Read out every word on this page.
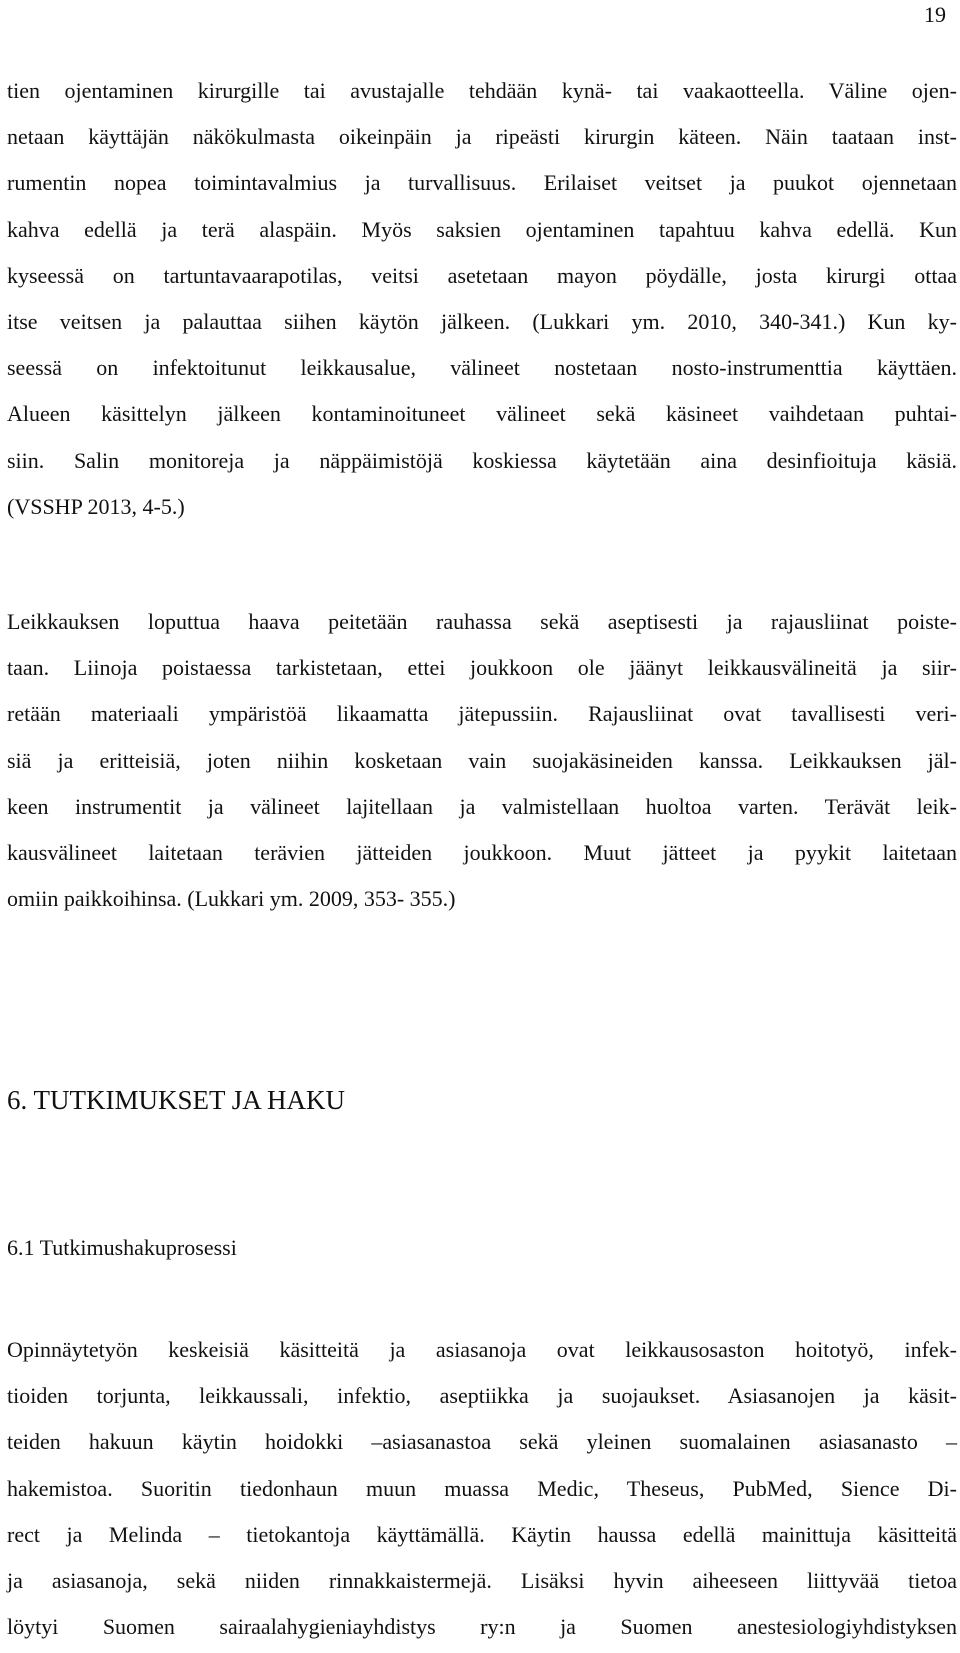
19
tien ojentaminen kirurgille tai avustajalle tehdään kynä- tai vaakaotteella. Väline ojen-
netaan käyttäjän näkökulmasta oikeinpäin ja ripeästi kirurgin käteen. Näin taataan inst-
rumentin nopea toimintavalmius ja turvallisuus. Erilaiset veitset ja puukot ojennetaan
kahva edellä ja terä alaspäin. Myös saksien ojentaminen tapahtuu kahva edellä. Kun
kyseessä on tartuntavaarapotilas, veitsi asetetaan mayon pöydälle, josta kirurgi ottaa
itse veitsen ja palauttaa siihen käytön jälkeen. (Lukkari ym. 2010, 340-341.) Kun ky-
seessä on infektoitunut leikkausalue, välineet nostetaan nosto-instrumenttia käyttäen.
Alueen käsittelyn jälkeen kontaminoituneet välineet sekä käsineet vaihdetaan puhtai-
siin. Salin monitoreja ja näppäimistöjä koskiessa käytetään aina desinfioituja käsiä.
(VSSHP 2013, 4-5.)
Leikkauksen loputtua haava peitetään rauhassa sekä aseptisesti ja rajausliinat poiste-
taan. Liinoja poistaessa tarkistetaan, ettei joukkoon ole jäänyt leikkausvälineitä ja siir-
retään materiaali ympäristöä likaamatta jätepussiin. Rajausliinat ovat tavallisesti veri-
siä ja eritteisiä, joten niihin kosketaan vain suojakäsineiden kanssa. Leikkauksen jäl-
keen instrumentit ja välineet lajitellaan ja valmistellaan huoltoa varten. Terävät leik-
kausvälineet laitetaan terävien jätteiden joukkoon. Muut jätteet ja pyykit laitetaan
omiin paikkoihinsa. (Lukkari ym. 2009, 353- 355.)
6. TUTKIMUKSET JA HAKU
6.1 Tutkimushakuprosessi
Opinnäytetyön keskeisiä käsitteitä ja asiasanoja ovat leikkausosaston hoitotyö, infek-
tioiden torjunta, leikkaussali, infektio, aseptiikka ja suojaukset. Asiasanojen ja käsit-
teiden hakuun käytin hoidokki –asiasanastoa sekä yleinen suomalainen asiasanasto –
hakemistoa. Suoritin tiedonhaun muun muassa Medic, Theseus, PubMed, Sience Di-
rect ja Melinda – tietokantoja käyttämällä. Käytin haussa edellä mainittuja käsitteitä
ja asiasanoja, sekä niiden rinnakkaistermejä. Lisäksi hyvin aiheeseen liittyvää tietoa
löytyi Suomen sairaalahygieniayhdistys ry:n ja Suomen anestesiologiyhdistyksen
